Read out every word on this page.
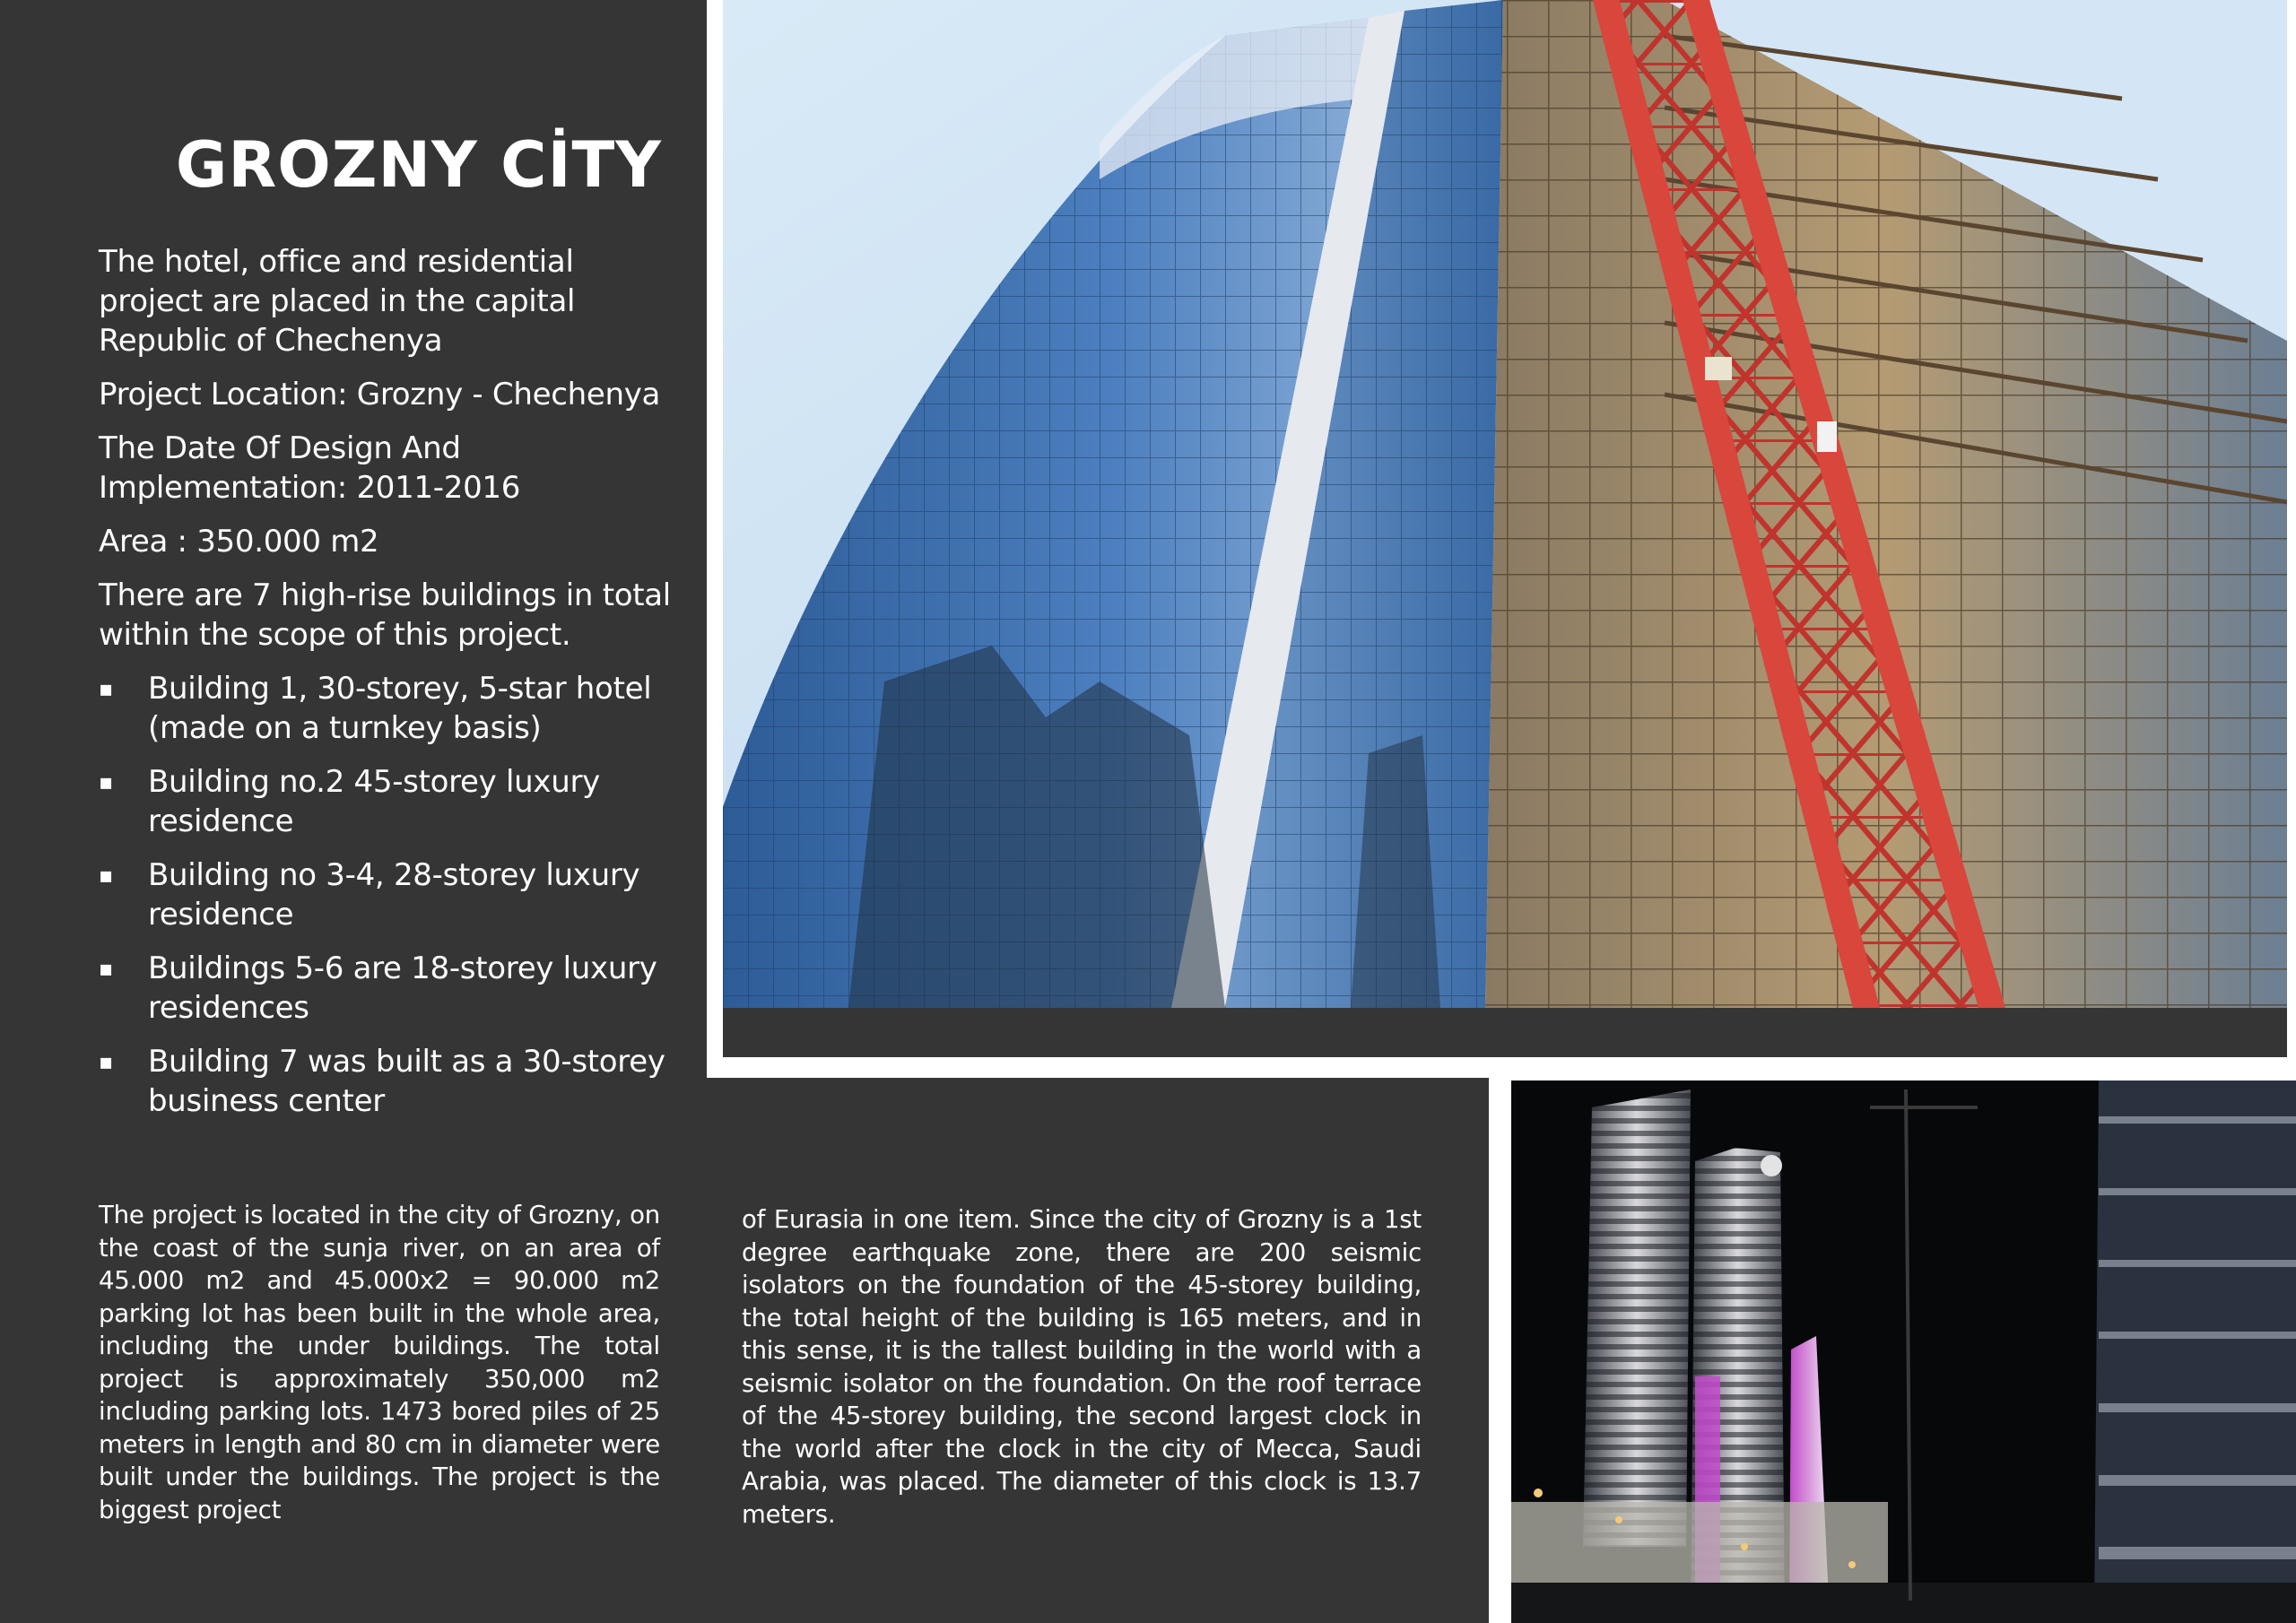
GROZNY CİTY

The hotel, office and residential project are placed in the capital Republic of Chechenya

Project Location: Grozny - Chechenya

The Date Of Design And Implementation: 2011-2016

Area : 350.000 m2

There are 7 high-rise buildings in total within the scope of this project.

▪ Building 1, 30-storey, 5-star hotel (made on a turnkey basis)
▪ Building no.2 45-storey luxury residence
▪ Building no 3-4, 28-storey luxury residence
▪ Buildings 5-6 are 18-storey luxury residences
▪ Building 7 was built as a 30-storey business center

The project is located in the city of Grozny, on the coast of the sunja river, on an area of 45.000 m2 and 45.000x2 = 90.000 m2 parking lot has been built in the whole area, including the under buildings. The total project is approximately 350,000 m2 including parking lots. 1473 bored piles of 25 meters in length and 80 cm in diameter were built under the buildings. The project is the biggest project

of Eurasia in one item. Since the city of Grozny is a 1st degree earthquake zone, there are 200 seismic isolators on the foundation of the 45-storey building, the total height of the building is 165 meters, and in this sense, it is the tallest building in the world with a seismic isolator on the foundation. On the roof terrace of the 45-storey building, the second largest clock in the world after the clock in the city of Mecca, Saudi Arabia, was placed. The diameter of this clock is 13.7 meters.
